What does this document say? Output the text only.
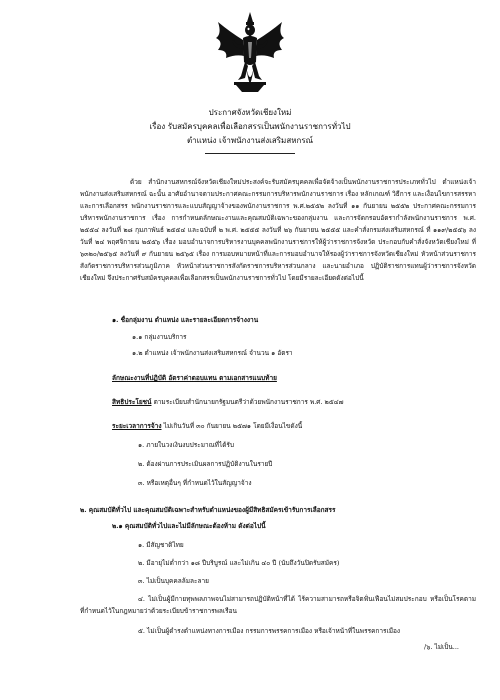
ประกาศจังหวัดเชียงใหม่
เรื่อง รับสมัครบุคคลเพื่อเลือกสรรเป็นพนักงานราชการทั่วไป
ตำแหน่ง เจ้าพนักงานส่งเสริมสหกรณ์

ด้วย สำนักงานสหกรณ์จังหวัดเชียงใหม่ประสงค์จะรับสมัครบุคคลเพื่อจัดจ้างเป็นพนักงานราชการประเภททั่วไป ตำแหน่งเจ้าพนักงานส่งเสริมสหกรณ์ ฉะนั้น อาศัยอำนาจตามประกาศคณะกรรมการบริหารพนักงานราชการ เรื่อง หลักเกณฑ์ วิธีการ และเงื่อนไขการสรรหาและการเลือกสรร พนักงานราชการและแบบสัญญาจ้างของพนักงานราชการ พ.ศ.๒๕๕๒ ลงวันที่ ๑๑ กันยายน ๒๕๕๒ ประกาศคณะกรรมการบริหารพนักงานราชการ เรื่อง การกำหนดลักษณะงานและคุณสมบัติเฉพาะของกลุ่มงาน และการจัดกรอบอัตรากำลังพนักงานราชการ พ.ศ. ๒๕๕๔ ลงวันที่ ๒๘ กุมภาพันธ์ ๒๕๕๔ และฉบับที่ ๒ พ.ศ. ๒๕๕๕ ลงวันที่ ๒๖ กันยายน ๒๕๕๕ และคำสั่งกรมส่งเสริมสหกรณ์ ที่ ๑๑๙/๒๕๕๖ ลงวันที่ ๒๔ พฤศจิกายน ๒๕๕๖ เรื่อง มอบอำนาจการบริหารงานบุคคลพนักงานราชการให้ผู้ว่าราชการจังหวัด ประกอบกับคำสั่งจังหวัดเชียงใหม่ ที่ ๖๓๒๐/๒๕๖๕ ลงวันที่ ๙ กันยายน ๒๕๖๕ เรื่อง การมอบหมายหน้าที่และการมอบอำนาจให้รองผู้ว่าราชการจังหวัดเชียงใหม่ หัวหน้าส่วนราชการสังกัดราชการบริหารส่วนภูมิภาค หัวหน้าส่วนราชการสังกัดราชการบริหารส่วนกลาง และนายอำเภอ ปฏิบัติราชการแทนผู้ว่าราชการจังหวัดเชียงใหม่ จึงประกาศรับสมัครบุคคลเพื่อเลือกสรรเป็นพนักงานราชการทั่วไป โดยมีรายละเอียดดังต่อไปนี้

๑. ชื่อกลุ่มงาน ตำแหน่ง และรายละเอียดการจ้างงาน
๑.๑ กลุ่มงานบริการ
๑.๒ ตำแหน่ง เจ้าพนักงานส่งเสริมสหกรณ์ จำนวน ๑ อัตรา
ลักษณะงานที่ปฏิบัติ อัตราค่าตอบแทน ตามเอกสารแนบท้าย
สิทธิประโยชน์ ตามระเบียบสำนักนายกรัฐมนตรีว่าด้วยพนักงานราชการ พ.ศ. ๒๕๔๗
ระยะเวลาการจ้าง ไม่เกินวันที่ ๓๐ กันยายน ๒๕๗๑ โดยมีเงื่อนไขดังนี้
๑. ภายในวงเงินงบประมาณที่ได้รับ
๒. ต้องผ่านการประเมินผลการปฏิบัติงานในรายปี
๓. หรือเหตุอื่นๆ ที่กำหนดไว้ในสัญญาจ้าง
๒. คุณสมบัติทั่วไป และคุณสมบัติเฉพาะสำหรับตำแหน่งของผู้มีสิทธิสมัครเข้ารับการเลือกสรร
๒.๑ คุณสมบัติทั่วไปและไม่มีลักษณะต้องห้าม ดังต่อไปนี้
๑. มีสัญชาติไทย
๒. มีอายุไม่ต่ำกว่า ๑๘ ปีบริบูรณ์ และไม่เกิน ๔๐ ปี (นับถึงวันปิดรับสมัคร)
๓. ไม่เป็นบุคคลล้มละลาย

๔. ไม่เป็นผู้มีกายทุพพลภาพจนไม่สามารถปฏิบัติหน้าที่ได้ ไร้ความสามารถหรือจิตฟั่นเฟือนไม่สมประกอบ หรือเป็นโรคตามที่กำหนดไว้ในกฎหมายว่าด้วยระเบียบข้าราชการพลเรือน

๕. ไม่เป็นผู้ดำรงตำแหน่งทางการเมือง กรรมการพรรคการเมือง หรือเจ้าหน้าที่ในพรรคการเมือง
/๖. ไม่เป็น...
